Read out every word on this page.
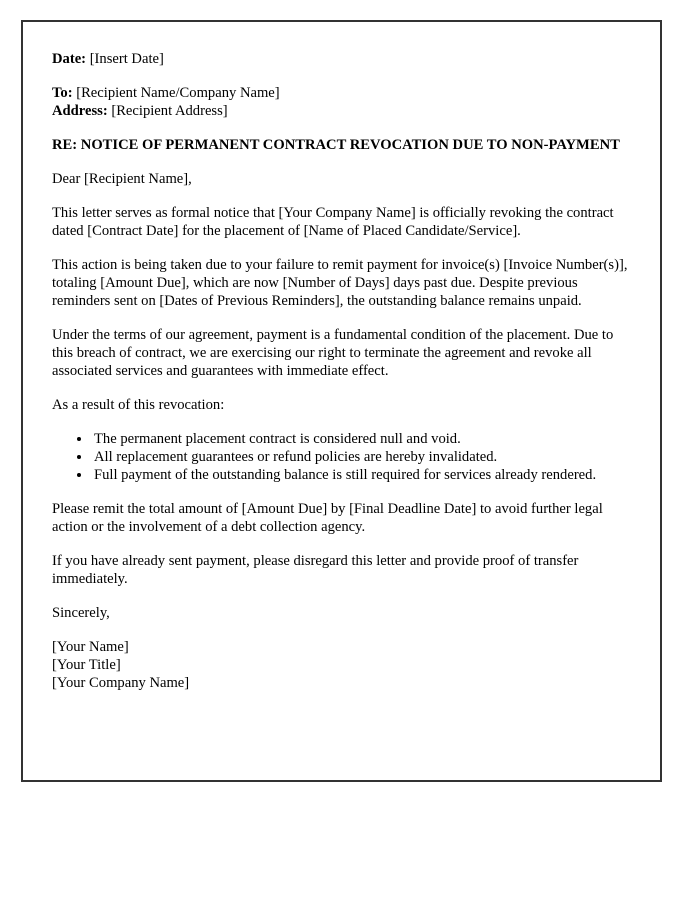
Date: [Insert Date]

To: [Recipient Name/Company Name]

Address: [Recipient Address]

RE: NOTICE OF PERMANENT CONTRACT REVOCATION DUE TO NON-PAYMENT

Dear [Recipient Name],

This letter serves as formal notice that [Your Company Name] is officially revoking the contract dated [Contract Date] for the placement of [Name of Placed Candidate/Service].

This action is being taken due to your failure to remit payment for invoice(s) [Invoice Number(s)], totaling [Amount Due], which are now [Number of Days] days past due. Despite previous reminders sent on [Dates of Previous Reminders], the outstanding balance remains unpaid.

Under the terms of our agreement, payment is a fundamental condition of the placement. Due to this breach of contract, we are exercising our right to terminate the agreement and revoke all associated services and guarantees with immediate effect.

As a result of this revocation:

• The permanent placement contract is considered null and void.
• All replacement guarantees or refund policies are hereby invalidated.
• Full payment of the outstanding balance is still required for services already rendered.

Please remit the total amount of [Amount Due] by [Final Deadline Date] to avoid further legal action or the involvement of a debt collection agency.

If you have already sent payment, please disregard this letter and provide proof of transfer immediately.

Sincerely,

[Your Name]

[Your Title]

[Your Company Name]
